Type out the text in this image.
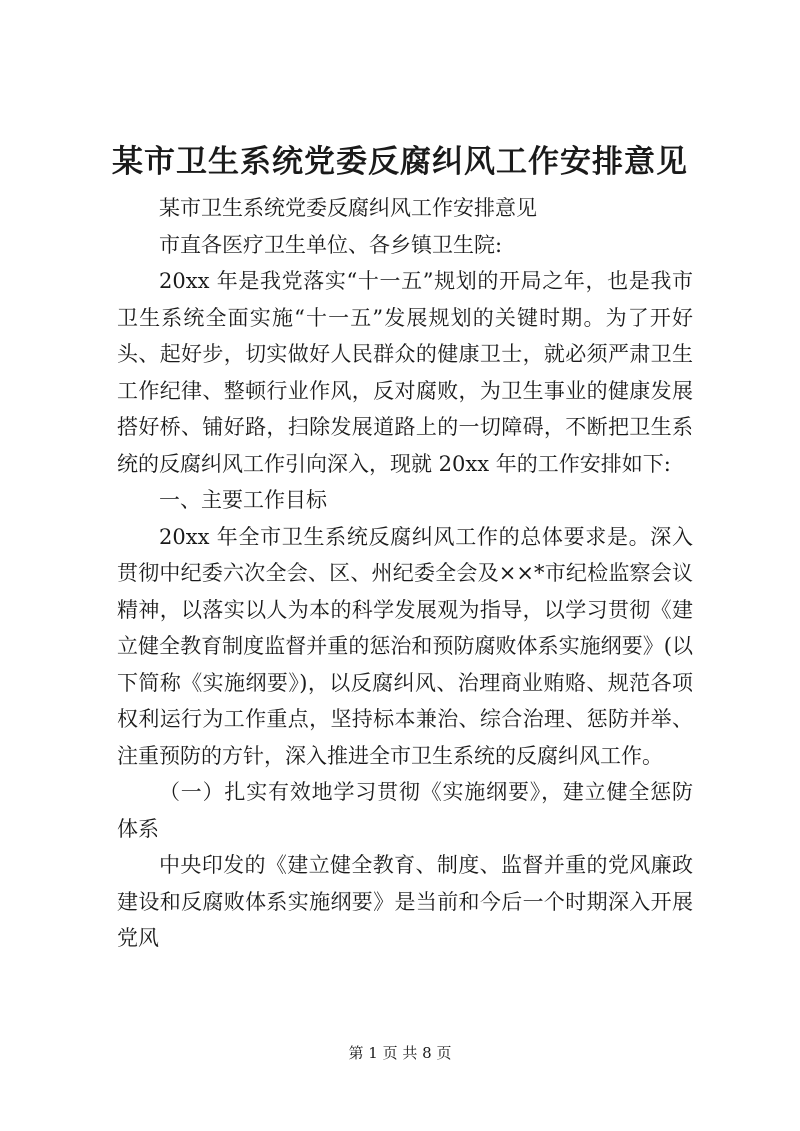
某市卫生系统党委反腐纠风工作安排意见

某市卫生系统党委反腐纠风工作安排意见

市直各医疗卫生单位、各乡镇卫生院:

20xx 年是我党落实“十一五”规划的开局之年，也是我市卫生系统全面实施“十一五”发展规划的关键时期。为了开好头、起好步，切实做好人民群众的健康卫士，就必须严肃卫生工作纪律、整顿行业作风，反对腐败，为卫生事业的健康发展搭好桥、铺好路，扫除发展道路上的一切障碍，不断把卫生系统的反腐纠风工作引向深入，现就 20xx 年的工作安排如下:

一、主要工作目标

20xx 年全市卫生系统反腐纠风工作的总体要求是。深入贯彻中纪委六次全会、区、州纪委全会及××*市纪检监察会议精神，以落实以人为本的科学发展观为指导，以学习贯彻《建立健全教育制度监督并重的惩治和预防腐败体系实施纲要》(以下简称《实施纲要》)，以反腐纠风、治理商业贿赂、规范各项权利运行为工作重点，坚持标本兼治、综合治理、惩防并举、注重预防的方针，深入推进全市卫生系统的反腐纠风工作。

（一）扎实有效地学习贯彻《实施纲要》，建立健全惩防体系

中央印发的《建立健全教育、制度、监督并重的党风廉政建设和反腐败体系实施纲要》是当前和今后一个时期深入开展党风

第 1 页 共 8 页
